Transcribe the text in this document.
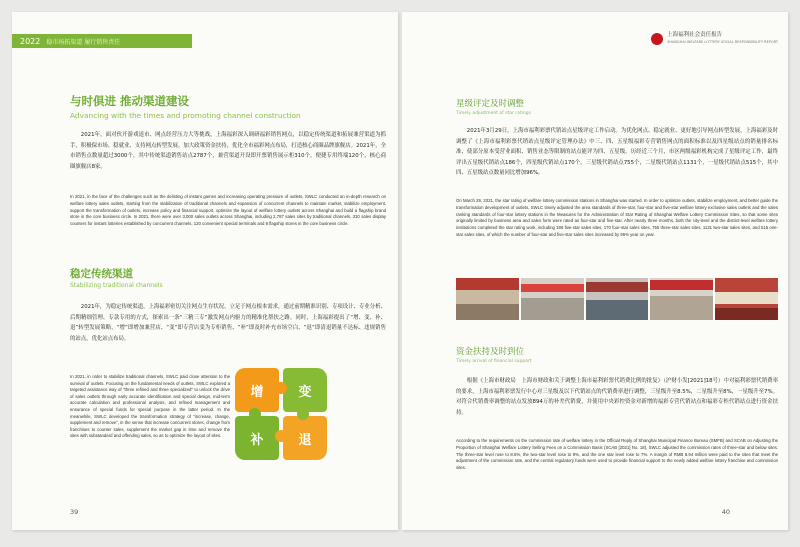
2022	稳市场拓渠道 履行销售责任
与时俱进 推动渠道建设
Advancing with the times and promoting channel construction
2021年，面对伙开游戏退市、网点经营压力大等挑战，上海福彩深入调研福彩销售网点，以稳定传统渠道和拓展兼营渠道为抓手，积极保市场、稳就业、支持网点转型发展。加大政策资金扶持，优化全市福彩网点布局，打造核心商圈品牌旗舰店。2021年，全市销售点数量超过3000个，其中传统渠道销售站点2787个，兼营渠道开设即开票销售展示柜310个，便捷专用终端120个，核心商圈旗舰店8家。
In 2021, in the face of the challenges such as the delisting of instant games and increasing operating pressure of outlets, SWLC conducted an in-depth research on welfare lottery sales outlets, starting from the stabilization of traditional channels and expansion of concurrent channels to maintain market, stabilize employment, support the transformation of outlets, increase policy and financial support, optimize the layout of welfare lottery outlets across Shanghai and build a flagship brand store in the core business circle. In 2021, there were over 3,000 sales outlets across Shanghai, including 2,787 sales sites by traditional channels, 310 sales display counters for instant lotteries established by concurrent channels, 120 convenient special terminals and 8 flagship stores in the core business circle.
稳定传统渠道
Stabilizing traditional channels
2021年，为稳定传统渠道，上海福彩密切关注网点生存状况，立足于网点根本需求，通过前期精准识别、专项设计、专业分析、后期精细管理、专款专用的方式，探索出一条“三精三专”激发网点内驱力的精准化帮扶之路。同时，上海福彩提出了“增、变、补、退”转型发展策略，“增”即增加兼营店、“变”即专营店变为专柜销售、“补”即及时补充市场空白、“退”即清退销量不达标、违规销售的站点，优化站点布局。
In 2021, in order to stabilize traditional channels, SWLC paid close attention to the survival of outlets. Focusing on the fundamental needs of outlets, SWLC explored a targeted assistance way of "three refined and three specialized" to unlock the drive of sales outlets through early accurate identification and special design, mid-term accurate calculation and professional analysis, and refined management and ensurance of special funds for special purpose in the latter period. In the meanwhile, SWLC developed the transformation strategy of "increase, change, supplement and remove", in the sense that increase concurrent stores, change from franchises to counter sales, supplement the market gap in time and remove the sites with substandard and offending sales, so as to optimize the layout of sites.
增	变
补	退
39
上海福利社会责任报告
SHANGHAI WELFARE LOTTERY SOCIAL RESPONSIBILITY REPORT
星级评定及时调整
Timely adjustment of star ratings
2021年3月29日，上海市福利彩票代销站点星级评定工作启动。为优化网点、稳定就业、更好地引导网点转型发展，上海福彩及时调整了《上海市福利彩票代销站点星级评定管理办法》中三、四、五星级福彩专营销售网点的面积标准以及四星级站点的销量排名标准，使部分原本受营业面积、销售业态等限制的站点能评为四、五星级。历经近三个月，市区两级福彩机构完成了星级评定工作，最终评出五星级代销站点186个，四星级代销站点170个，三星级代销站点755个，二星级代销站点1131个，一星级代销站点515个，其中四、五星级站点数量同比增加96%。
On March 29, 2021, the star rating of welfare lottery commission stations in Shanghai was started. In order to optimize outlets, stabilize employment, and better guide the transformation development of outlets, SWLC timely adjusted the area standards of three-star, four-star and five-star welfare lottery exclusive sales outlets and the sales ranking standards of four-star lottery stations in the Measures for the Administration of Star Rating of Shanghai Welfare Lottery Commission Sites, so that some sites originally limited by business area and sales form were rated as four-star and five-star. After nearly three months, both the city-level and the district-level welfare lottery institutions completed the star rating work, including 186 five-star sales sites, 170 four-star sales sites, 755 three-star sales sites, 1131 two-star sales sites, and 515 one-star sales sites, of which the number of four-star and five-star sales sites increased by 96% year on year.
资金扶持及时到位
Timely arrival of financial support
根据《上海市财政局　上海市财政和关于调整上海市福利彩票代销费比例的批复》（沪财小发[2021]18号）中对福利彩票代销费率的要求，上海市福利彩票发行中心对三星级及以下代销站点的代销费率进行调整，三星级升至8.5%，二星级升至8%，一星级升至7%。对符合代销费率调整的站点发放894万的补差代销费，并使用中央彩控资金对新增的福彩专营代销站点和福彩专柜代销站点进行资金扶持。
According to the requirements on the commission rate of welfare lottery in the Official Reply of Shanghai Municipal Finance Bureau (SMFB) and SCAB on Adjusting the Proportion of Shanghai Welfare Lottery Selling Fees on a Commission Basis (SCAB [2021] No. 18), SWLC adjusted the commission rates of three-star and below sites. The three-star level rose to 8.5%, the two-star level rose to 8%, and the one star level rose to 7%. A margin of RMB 8.94 million were paid to the sites that meet the adjustment of the commission rate, and the central regulatory funds were used to provide financial support to the newly added welfare lottery franchise and commission sites.
40
